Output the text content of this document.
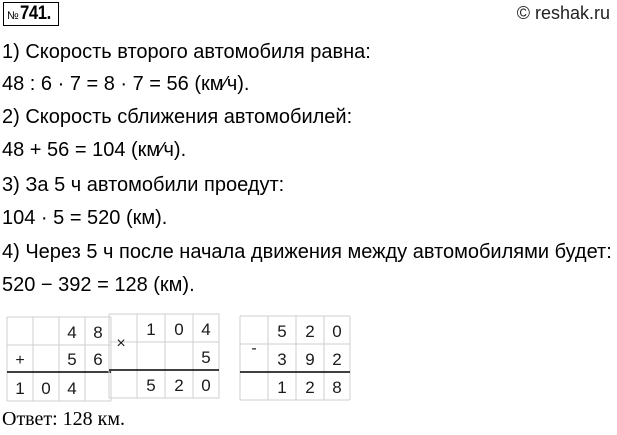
№ 741.	© reshak.ru
1) Скорость второго автомобиля равна:
48 : 6 · 7 = 8 · 7 = 56 (км⁄ч).
2) Скорость сближения автомобилей:
48 + 56 = 104 (км⁄ч).
3) За 5 ч автомобили проедут:
104 · 5 = 520 (км).
4) Через 5 ч после начала движения между автомобилями будет:
520 − 392 = 128 (км).
+
4 8
5 6
1 0 4
×
1 0 4
5
5 2 0
-
5 2 0
3 9 2
1 2 8
Ответ: 128 км.
